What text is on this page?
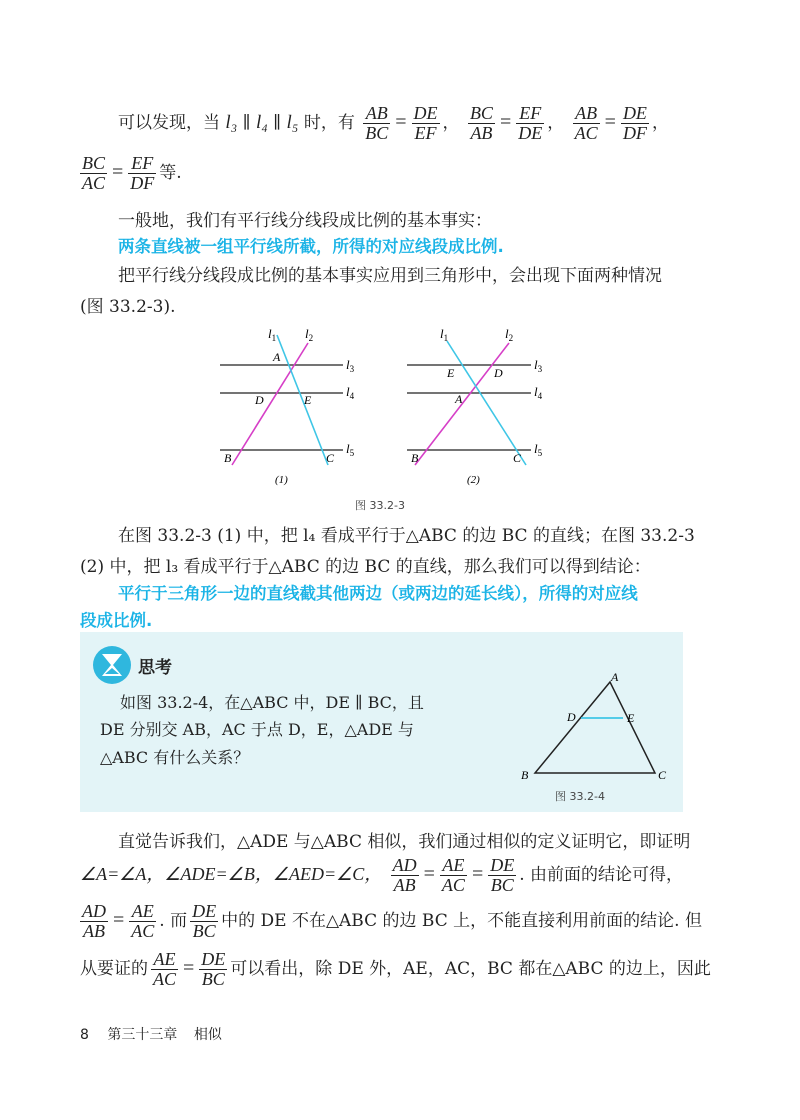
可以发现，当 l₃ ∥ l₄ ∥ l₅ 时，有 $\frac{AB}{BC} = \frac{DE}{EF}$ ， $\frac{BC}{AB} = \frac{EF}{DE}$ ， $\frac{AB}{AC} = \frac{DE}{DF}$ ，
$\frac{BC}{AC} = \frac{EF}{DF}$ 等.
一般地，我们有平行线分线段成比例的基本事实：
两条直线被一组平行线所截，所得的对应线段成比例.
把平行线分线段成比例的基本事实应用到三角形中，会出现下面两种情况
(图 33.2-3).
$l_1$ $l_2$
$l_3$
$l_4$
$l_5$
A
D	E
B	C
(1)
$l_1$	$l_2$
$l_3$
$l_4$
$l_5$
E	D
A
B	C
(2)
图 33.2-3
在图 33.2-3 (1) 中，把 l₄ 看成平行于△ABC 的边 BC 的直线；在图 33.2-3
(2) 中，把 l₃ 看成平行于△ABC 的边 BC 的直线，那么我们可以得到结论：
平行于三角形一边的直线截其他两边（或两边的延长线），所得的对应线
段成比例.
思考
如图 33.2-4，在△ABC 中，DE ∥ BC，且
DE 分别交 AB，AC 于点 D，E，△ADE 与
△ABC 有什么关系？
A
D	E
B	C
图 33.2-4
直觉告诉我们，△ADE 与△ABC 相似，我们通过相似的定义证明它，即证明
∠A=∠A，∠ADE=∠B，∠AED=∠C， $\frac{AD}{AB} = \frac{AE}{AC} = \frac{DE}{BC}$ . 由前面的结论可得，
$\frac{AD}{AB} = \frac{AE}{AC}$ . 而 $\frac{DE}{BC}$ 中的 DE 不在△ABC 的边 BC 上，不能直接利用前面的结论. 但
从要证的 $\frac{AE}{AC} = \frac{DE}{BC}$ 可以看出，除 DE 外，AE，AC，BC 都在△ABC 的边上，因此
8 第三十三章 相似
